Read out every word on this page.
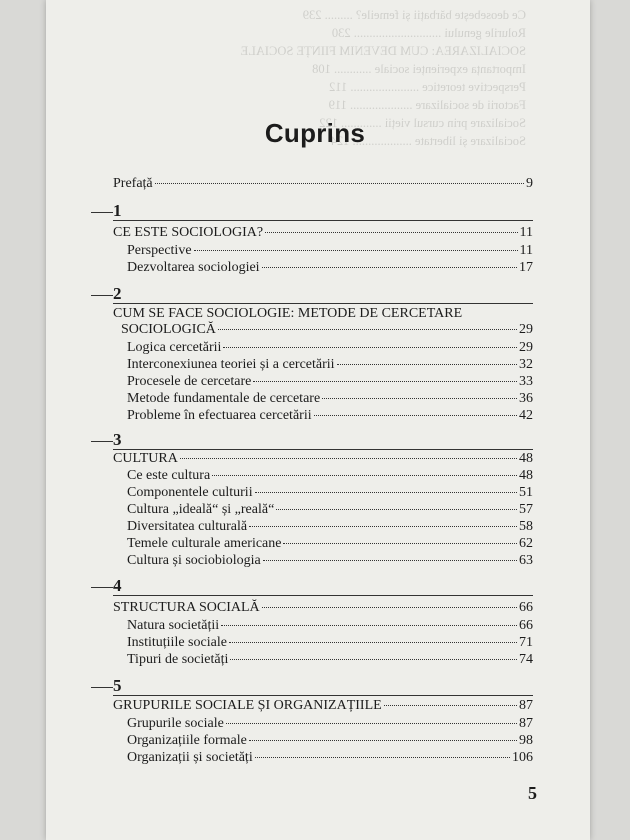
Ce deosebește bărbații și femeile? ......... 239
Rolurile genului ............................ 230
SOCIALIZAREA: CUM DEVENIM FIINȚE SOCIALE
Importanța experienței sociale ............ 108
Perspective teoretice ...................... 112
Factorii de socializare .................... 119
Socializare prin cursul vieții ............. 122
Socializare și libertate ................... 124
Cuprins
Prefață	9
1
CE ESTE SOCIOLOGIA?	11
Perspective	11
Dezvoltarea sociologiei	17
2
CUM SE FACE SOCIOLOGIE: METODE DE CERCETARE
SOCIOLOGICĂ	29
Logica cercetării	29
Interconexiunea teoriei și a cercetării	32
Procesele de cercetare	33
Metode fundamentale de cercetare	36
Probleme în efectuarea cercetării	42
3
CULTURA	48
Ce este cultura	48
Componentele culturii	51
Cultura „ideală“ și „reală“	57
Diversitatea culturală	58
Temele culturale americane	62
Cultura și sociobiologia	63
4
STRUCTURA SOCIALĂ	66
Natura societății	66
Instituțiile sociale	71
Tipuri de societăți	74
5
GRUPURILE SOCIALE ȘI ORGANIZAȚIILE	87
Grupurile sociale	87
Organizațiile formale	98
Organizații și societăți	106
5
